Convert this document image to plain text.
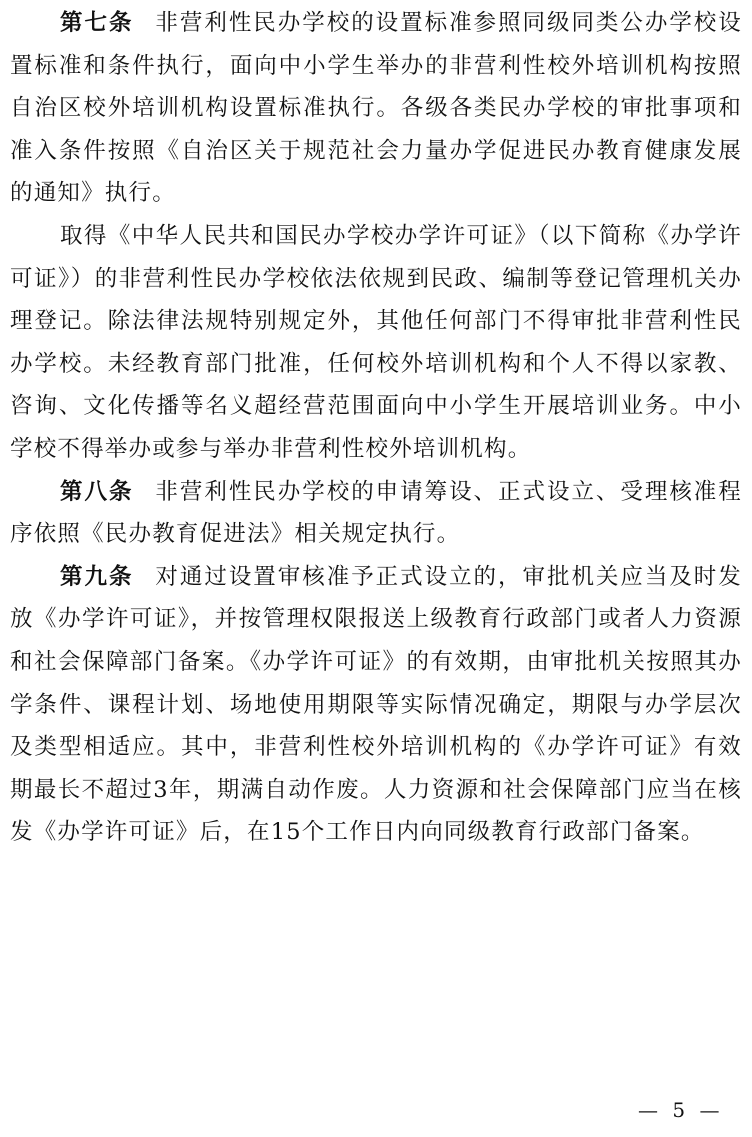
第七条 非营利性民办学校的设置标准参照同级同类公办学校设置标准和条件执行，面向中小学生举办的非营利性校外培训机构按照自治区校外培训机构设置标准执行。各级各类民办学校的审批事项和准入条件按照《自治区关于规范社会力量办学促进民办教育健康发展的通知》执行。

取得《中华人民共和国民办学校办学许可证》（以下简称《办学许可证》）的非营利性民办学校依法依规到民政、编制等登记管理机关办理登记。除法律法规特别规定外，其他任何部门不得审批非营利性民办学校。未经教育部门批准，任何校外培训机构和个人不得以家教、咨询、文化传播等名义超经营范围面向中小学生开展培训业务。中小学校不得举办或参与举办非营利性校外培训机构。

第八条 非营利性民办学校的申请筹设、正式设立、受理核准程序依照《民办教育促进法》相关规定执行。

第九条 对通过设置审核准予正式设立的，审批机关应当及时发放《办学许可证》，并按管理权限报送上级教育行政部门或者人力资源和社会保障部门备案。《办学许可证》的有效期，由审批机关按照其办学条件、课程计划、场地使用期限等实际情况确定，期限与办学层次及类型相适应。其中，非营利性校外培训机构的《办学许可证》有效期最长不超过3年，期满自动作废。人力资源和社会保障部门应当在核发《办学许可证》后，在15个工作日内向同级教育行政部门备案。

— 5 —
